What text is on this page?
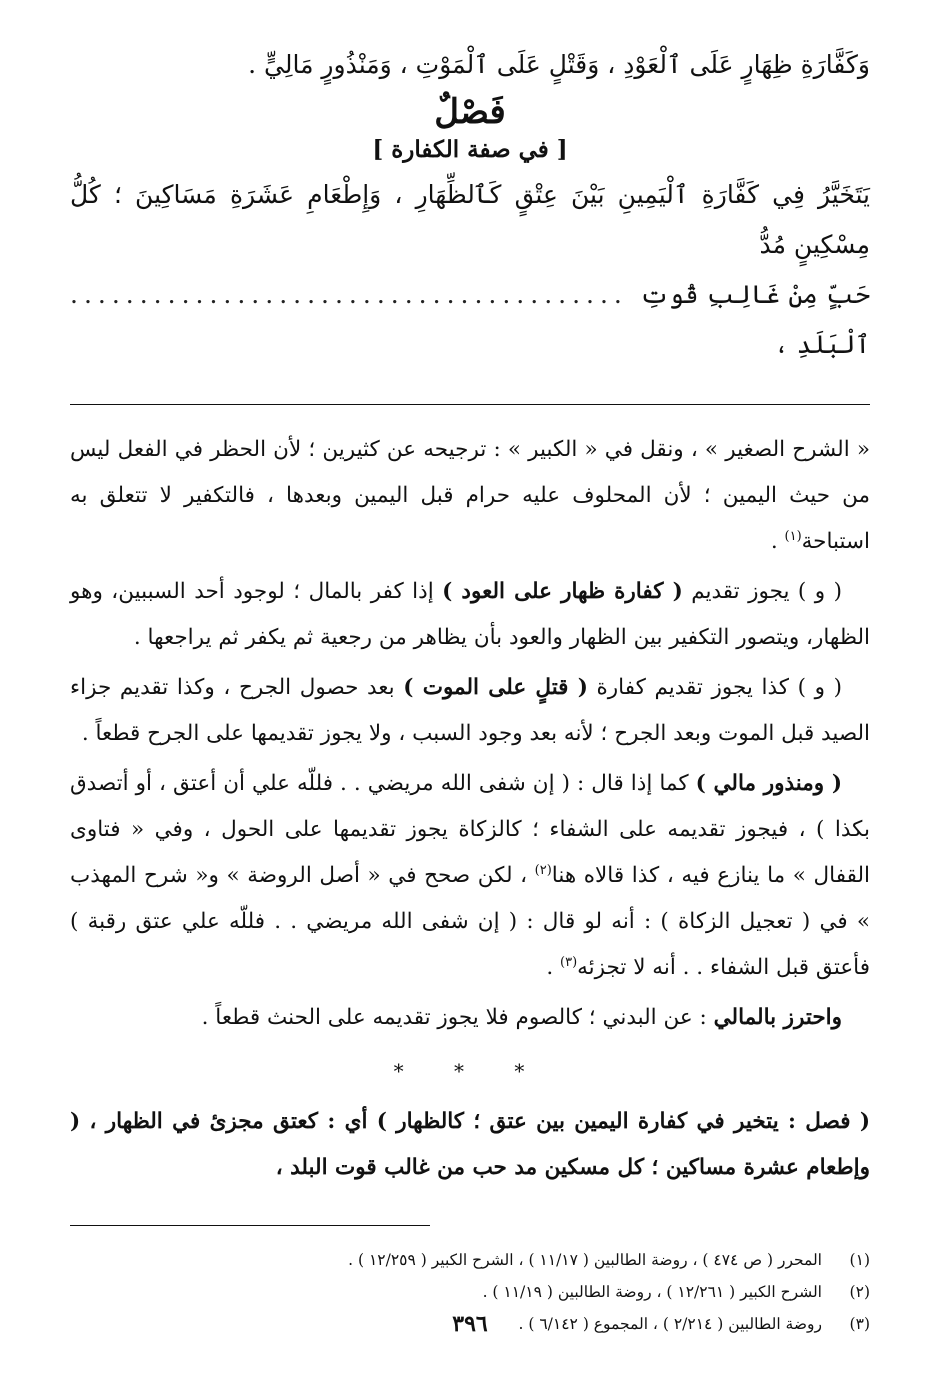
وَكَفَّارَةِ ظِهَارٍ عَلَى ٱلْعَوْدِ ، وَقَتْلٍ عَلَى ٱلْمَوْتِ ، وَمَنْذُورٍ مَالِيٍّ .

فَصْلٌ
[ في صفة الكفارة ]

يَتَخَيَّرُ فِي كَفَّارَةِ ٱلْيَمِينِ بَيْنَ عِتْقٍ كَٱلظِّهَارِ ، وَإِطْعَامِ عَشَرَةِ مَسَاكِينَ ؛ كُلُّ مِسْكِينٍ مُدُّ

حَبٍّ مِنْ غَالِبِ قُوتِ ٱلْبَلَدِ ،
........................................

« الشرح الصغير » ، ونقل في « الكبير » : ترجيحه عن كثيرين ؛ لأن الحظر في الفعل ليس من حيث اليمين ؛ لأن المحلوف عليه حرام قبل اليمين وبعدها ، فالتكفير لا تتعلق به استباحة$^{(١)}$ .

( و ) يجوز تقديم ( كفارة ظهار على العود ) إذا كفر بالمال ؛ لوجود أحد السببين، وهو الظهار، ويتصور التكفير بين الظهار والعود بأن يظاهر من رجعية ثم يكفر ثم يراجعها .

( و ) كذا يجوز تقديم كفارة ( قتلٍ على الموت ) بعد حصول الجرح ، وكذا تقديم جزاء الصيد قبل الموت وبعد الجرح ؛ لأنه بعد وجود السبب ، ولا يجوز تقديمها على الجرح قطعاً .

( ومنذور مالي ) كما إذا قال : ( إن شفى الله مريضي . . فللّه علي أن أعتق ، أو أتصدق بكذا ) ، فيجوز تقديمه على الشفاء ؛ كالزكاة يجوز تقديمها على الحول ، وفي « فتاوى القفال » ما ينازع فيه ، كذا قالاه هنا$^{(٢)}$ ، لكن صحح في « أصل الروضة » و« شرح المهذب » في ( تعجيل الزكاة ) : أنه لو قال : ( إن شفى الله مريضي . . فللّه علي عتق رقبة ) فأعتق قبل الشفاء . . أنه لا تجزئه$^{(٣)}$ .

واحترز بالمالي : عن البدني ؛ كالصوم فلا يجوز تقديمه على الحنث قطعاً .

* * *

( فصل : يتخير في كفارة اليمين بين عتق ؛ كالظهار ) أي : كعتق مجزئ في الظهار ، ( وإطعام عشرة مساكين ؛ كل مسكين مد حب من غالب قوت البلد ،

(١)
المحرر ( ص ٤٧٤ ) ، روضة الطالبين ( ١١/١٧ ) ، الشرح الكبير ( ١٢/٢٥٩ ) .
(٢)
الشرح الكبير ( ١٢/٢٦١ ) ، روضة الطالبين ( ١١/١٩ ) .
(٣)
روضة الطالبين ( ٢/٢١٤ ) ، المجموع ( ٦/١٤٢ ) .
٣٩٦
